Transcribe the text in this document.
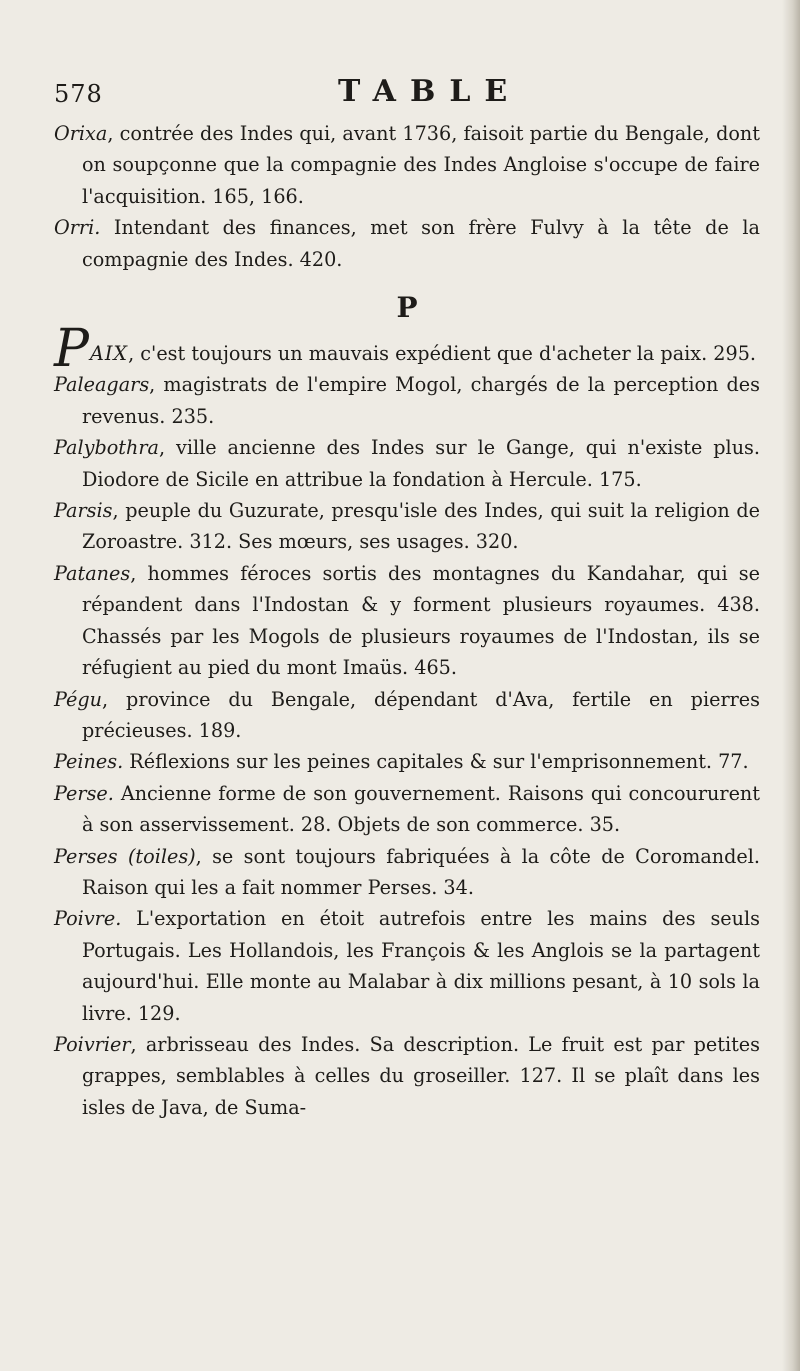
578	TABLE

Orixa, contrée des Indes qui, avant 1736, faisoit partie du Bengale, dont on soupçonne que la compagnie des Indes Angloise s'occupe de faire l'acquisition. 165, 166.

Orri. Intendant des finances, met son frère Fulvy à la tête de la compagnie des Indes. 420.

P

PAIX, c'est toujours un mauvais expédient que d'acheter la paix. 295.

Paleagars, magistrats de l'empire Mogol, chargés de la perception des revenus. 235.

Palybothra, ville ancienne des Indes sur le Gange, qui n'existe plus. Diodore de Sicile en attribue la fondation à Hercule. 175.

Parsis, peuple du Guzurate, presqu'isle des Indes, qui suit la religion de Zoroastre. 312. Ses mœurs, ses usages. 320.

Patanes, hommes féroces sortis des montagnes du Kandahar, qui se répandent dans l'Indostan & y forment plusieurs royaumes. 438. Chassés par les Mogols de plusieurs royaumes de l'Indostan, ils se réfugient au pied du mont Imaüs. 465.

Pégu, province du Bengale, dépendant d'Ava, fertile en pierres précieuses. 189.

Peines. Réflexions sur les peines capitales & sur l'emprisonnement. 77.

Perse. Ancienne forme de son gouvernement. Raisons qui concoururent à son asservissement. 28. Objets de son commerce. 35.

Perses (toiles), se sont toujours fabriquées à la côte de Coromandel. Raison qui les a fait nommer Perses. 34.

Poivre. L'exportation en étoit autrefois entre les mains des seuls Portugais. Les Hollandois, les François & les Anglois se la partagent aujourd'hui. Elle monte au Malabar à dix millions pesant, à 10 sols la livre. 129.

Poivrier, arbrisseau des Indes. Sa description. Le fruit est par petites grappes, semblables à celles du groseiller. 127. Il se plaît dans les isles de Java, de Suma-
